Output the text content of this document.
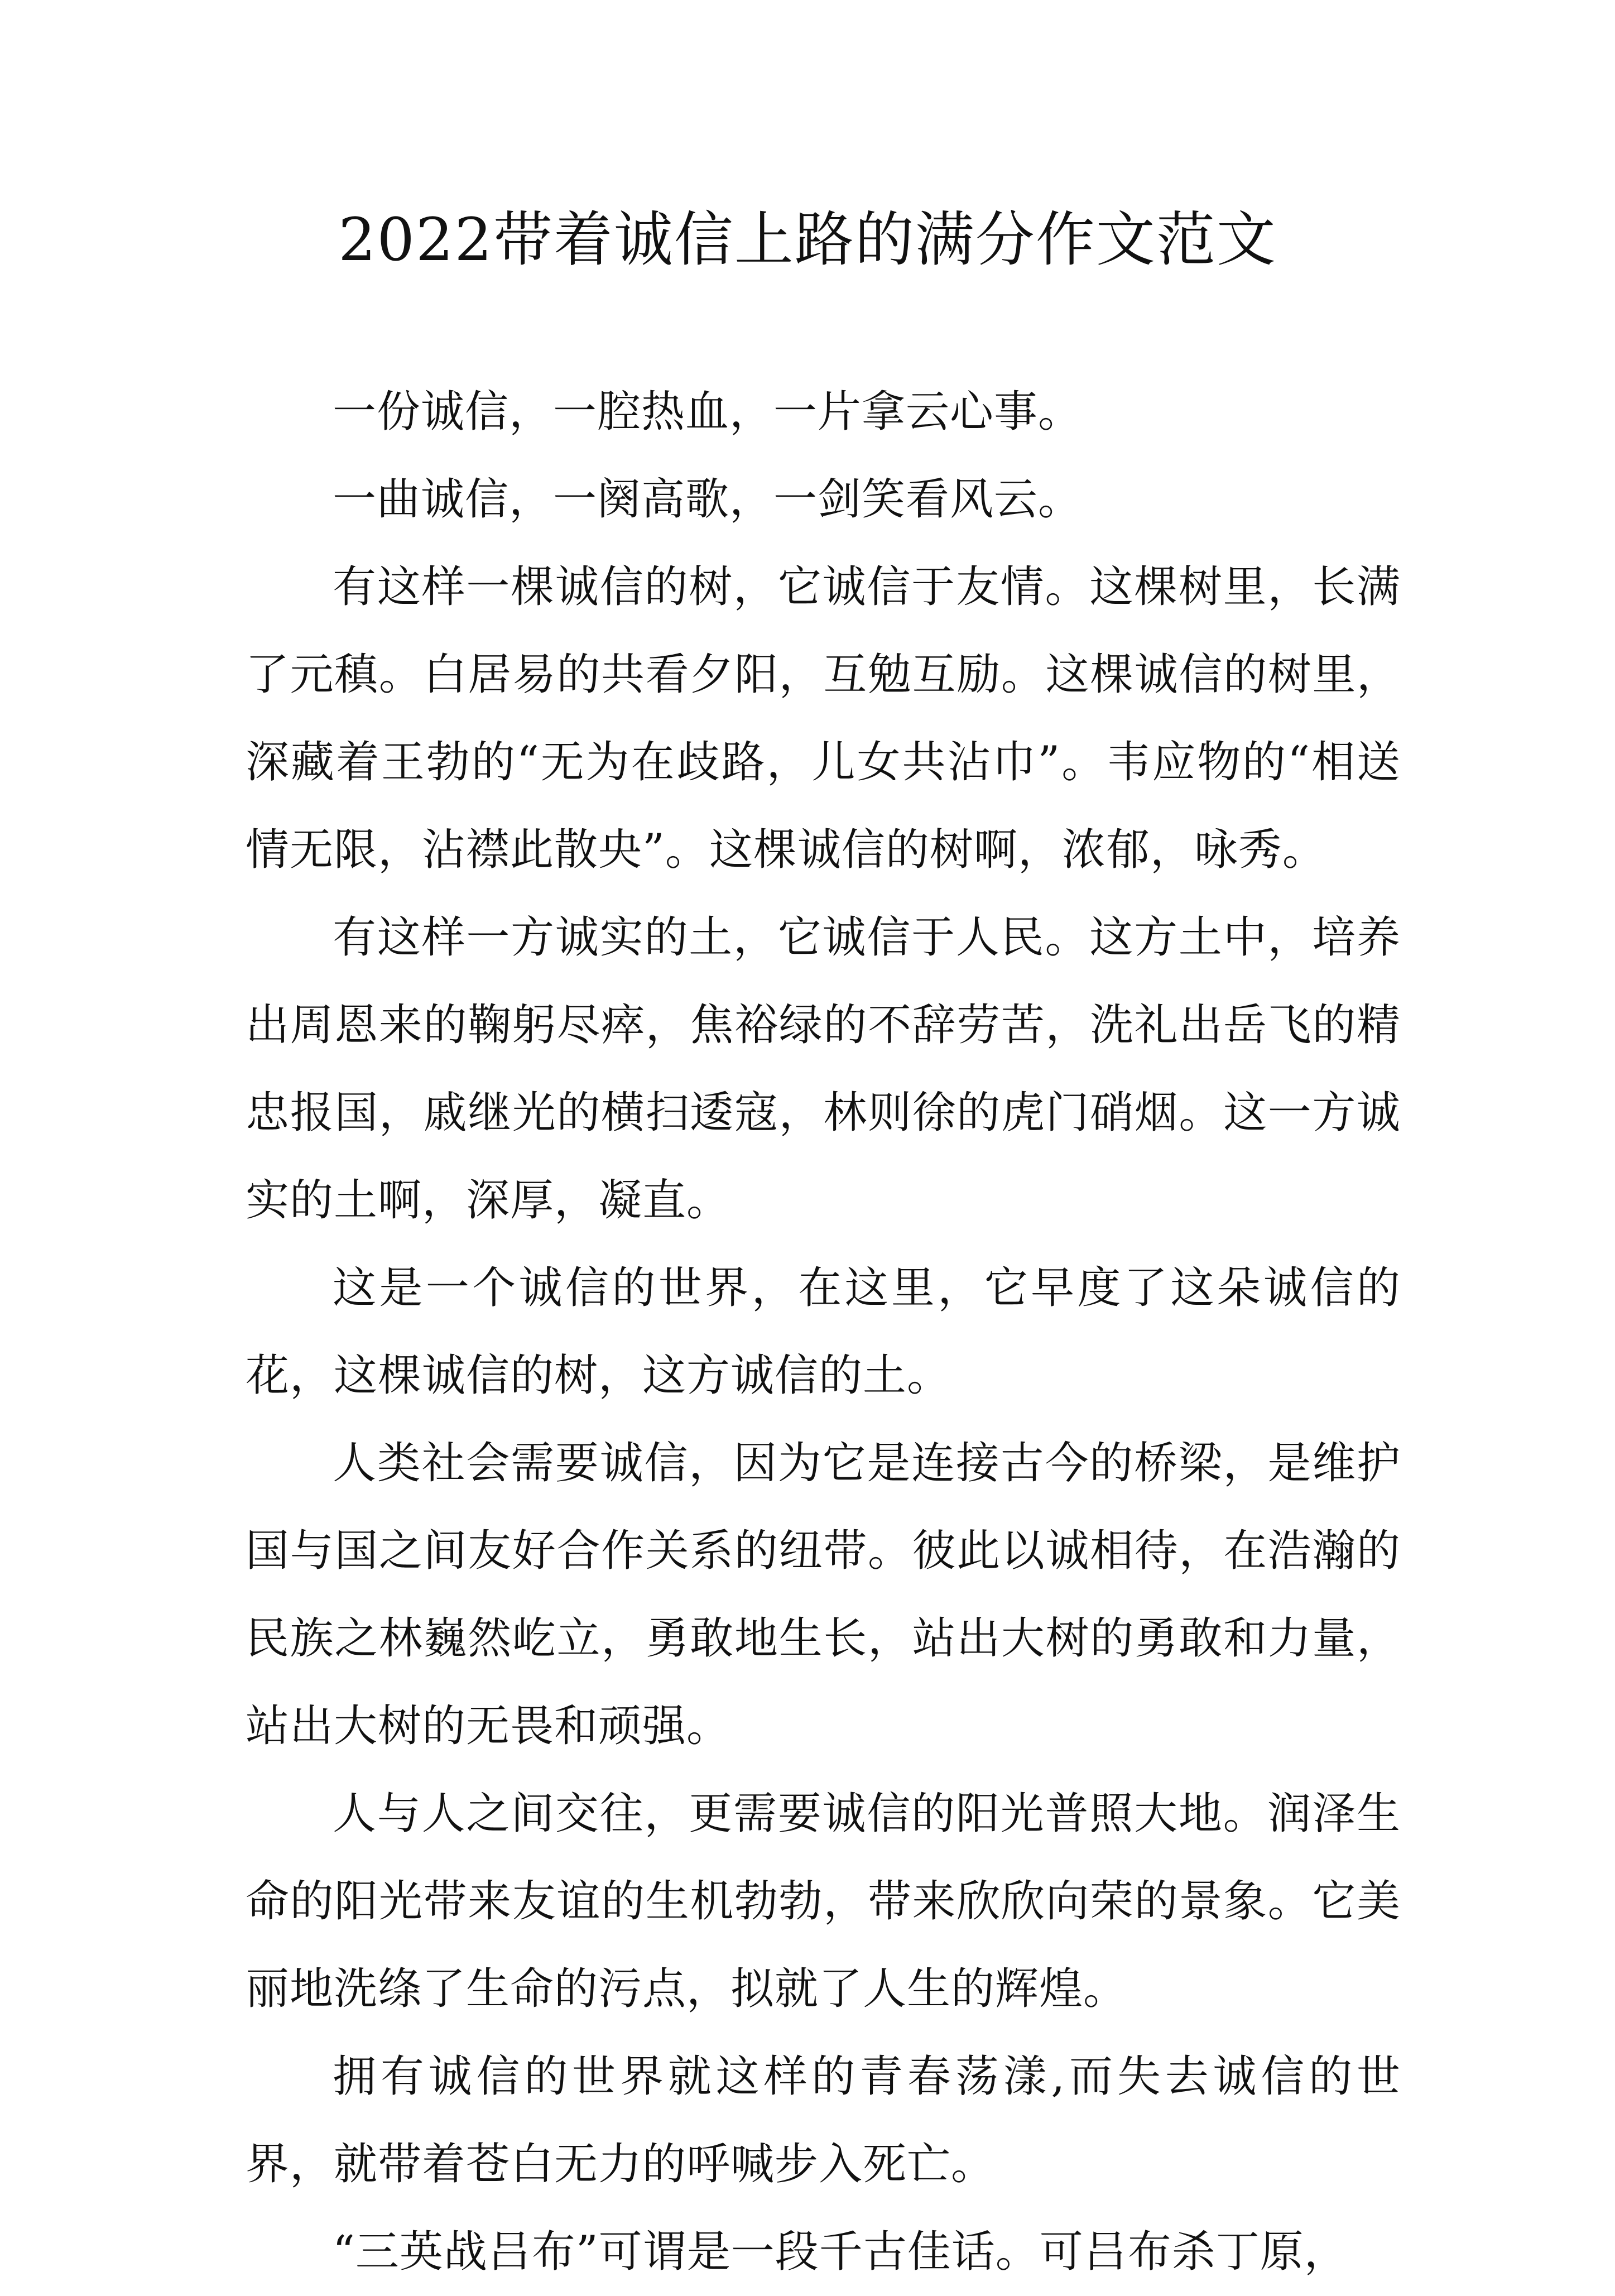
2022带着诚信上路的满分作文范文

一份诚信，一腔热血，一片拿云心事。

一曲诚信，一阕高歌，一剑笑看风云。

有这样一棵诚信的树，它诚信于友情。这棵树里，长满了元稹。白居易的共看夕阳，互勉互励。这棵诚信的树里，深藏着王勃的“无为在歧路，儿女共沾巾”。韦应物的“相送情无限，沾襟此散央”。这棵诚信的树啊，浓郁，咏秀。

有这样一方诚实的土，它诚信于人民。这方土中，培养出周恩来的鞠躬尽瘁，焦裕绿的不辞劳苦，洗礼出岳飞的精忠报国，戚继光的横扫逶寇，林则徐的虎门硝烟。这一方诚实的土啊，深厚，凝直。

这是一个诚信的世界，在这里，它早度了这朵诚信的花，这棵诚信的树，这方诚信的土。

人类社会需要诚信，因为它是连接古今的桥梁，是维护国与国之间友好合作关系的纽带。彼此以诚相待，在浩瀚的民族之林巍然屹立，勇敢地生长，站出大树的勇敢和力量，站出大树的无畏和顽强。

人与人之间交往，更需要诚信的阳光普照大地。润泽生命的阳光带来友谊的生机勃勃，带来欣欣向荣的景象。它美丽地洗绦了生命的污点，拟就了人生的辉煌。

拥有诚信的世界就这样的青春荡漾,而失去诚信的世界，就带着苍白无力的呼喊步入死亡。

“三英战吕布”可谓是一段千古佳话。可吕布杀丁原，
